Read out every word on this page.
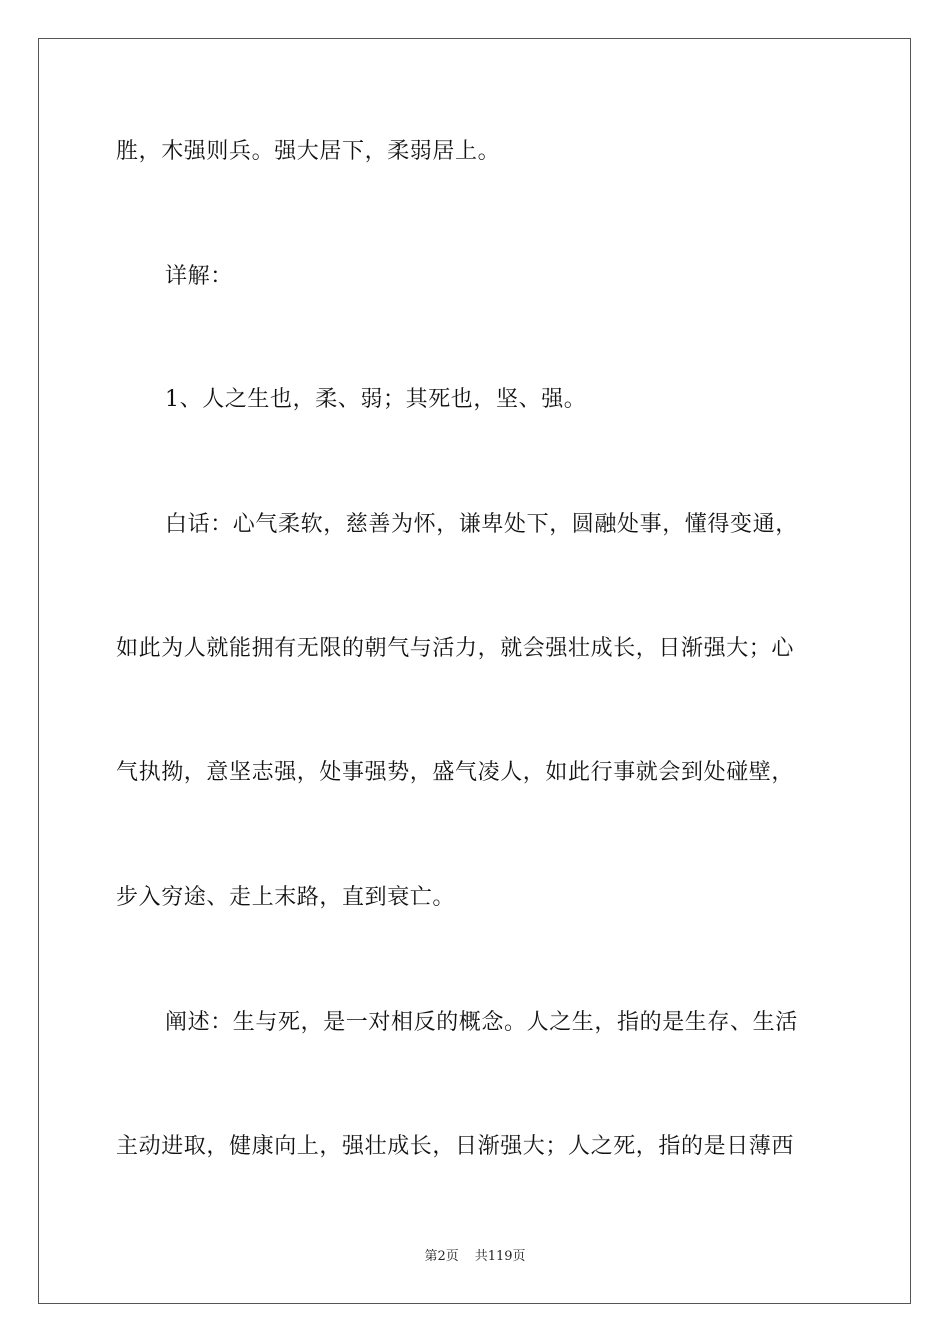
胜，木强则兵。强大居下，柔弱居上。
详解：
1、人之生也，柔、弱；其死也，坚、强。
白话：心气柔软，慈善为怀，谦卑处下，圆融处事，懂得变通，
如此为人就能拥有无限的朝气与活力，就会强壮成长，日渐强大；心
气执拗，意坚志强，处事强势，盛气凌人，如此行事就会到处碰壁，
步入穷途、走上末路，直到衰亡。
阐述：生与死，是一对相反的概念。人之生，指的是生存、生活
主动进取，健康向上，强壮成长，日渐强大；人之死，指的是日薄西
第2页 共119页
